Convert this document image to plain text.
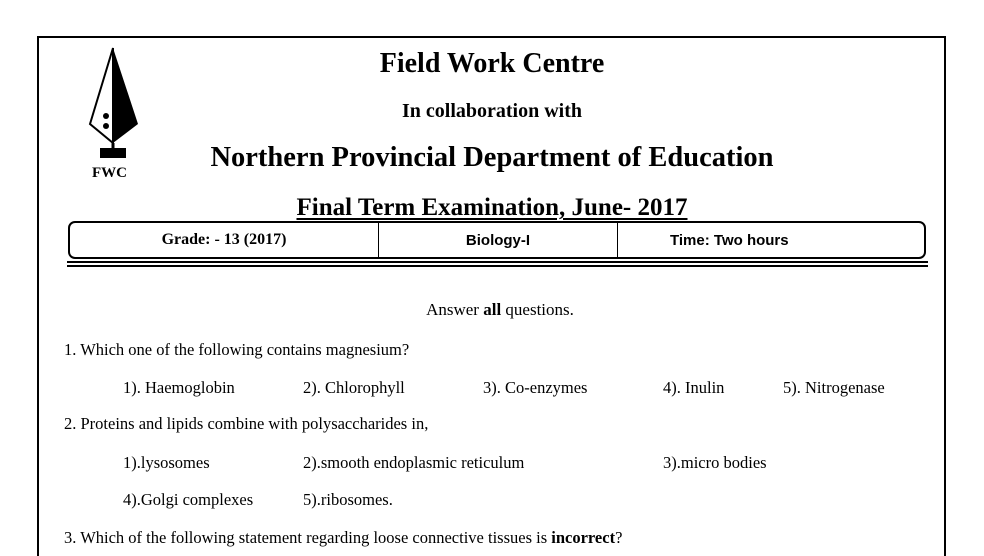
FWC
Field Work Centre
In collaboration with
Northern Provincial Department of Education
Final Term Examination, June- 2017
Grade: - 13 (2017)	Biology-I	Time: Two hours
Answer all questions.
1. Which one of the following contains magnesium?
1). Haemoglobin	2). Chlorophyll	3). Co-enzymes	4). Inulin	5). Nitrogenase
2. Proteins and lipids combine with polysaccharides in,
1).lysosomes	2).smooth endoplasmic reticulum	3).micro bodies
4).Golgi complexes	5).ribosomes.
3. Which of the following statement regarding loose connective tissues is incorrect?
